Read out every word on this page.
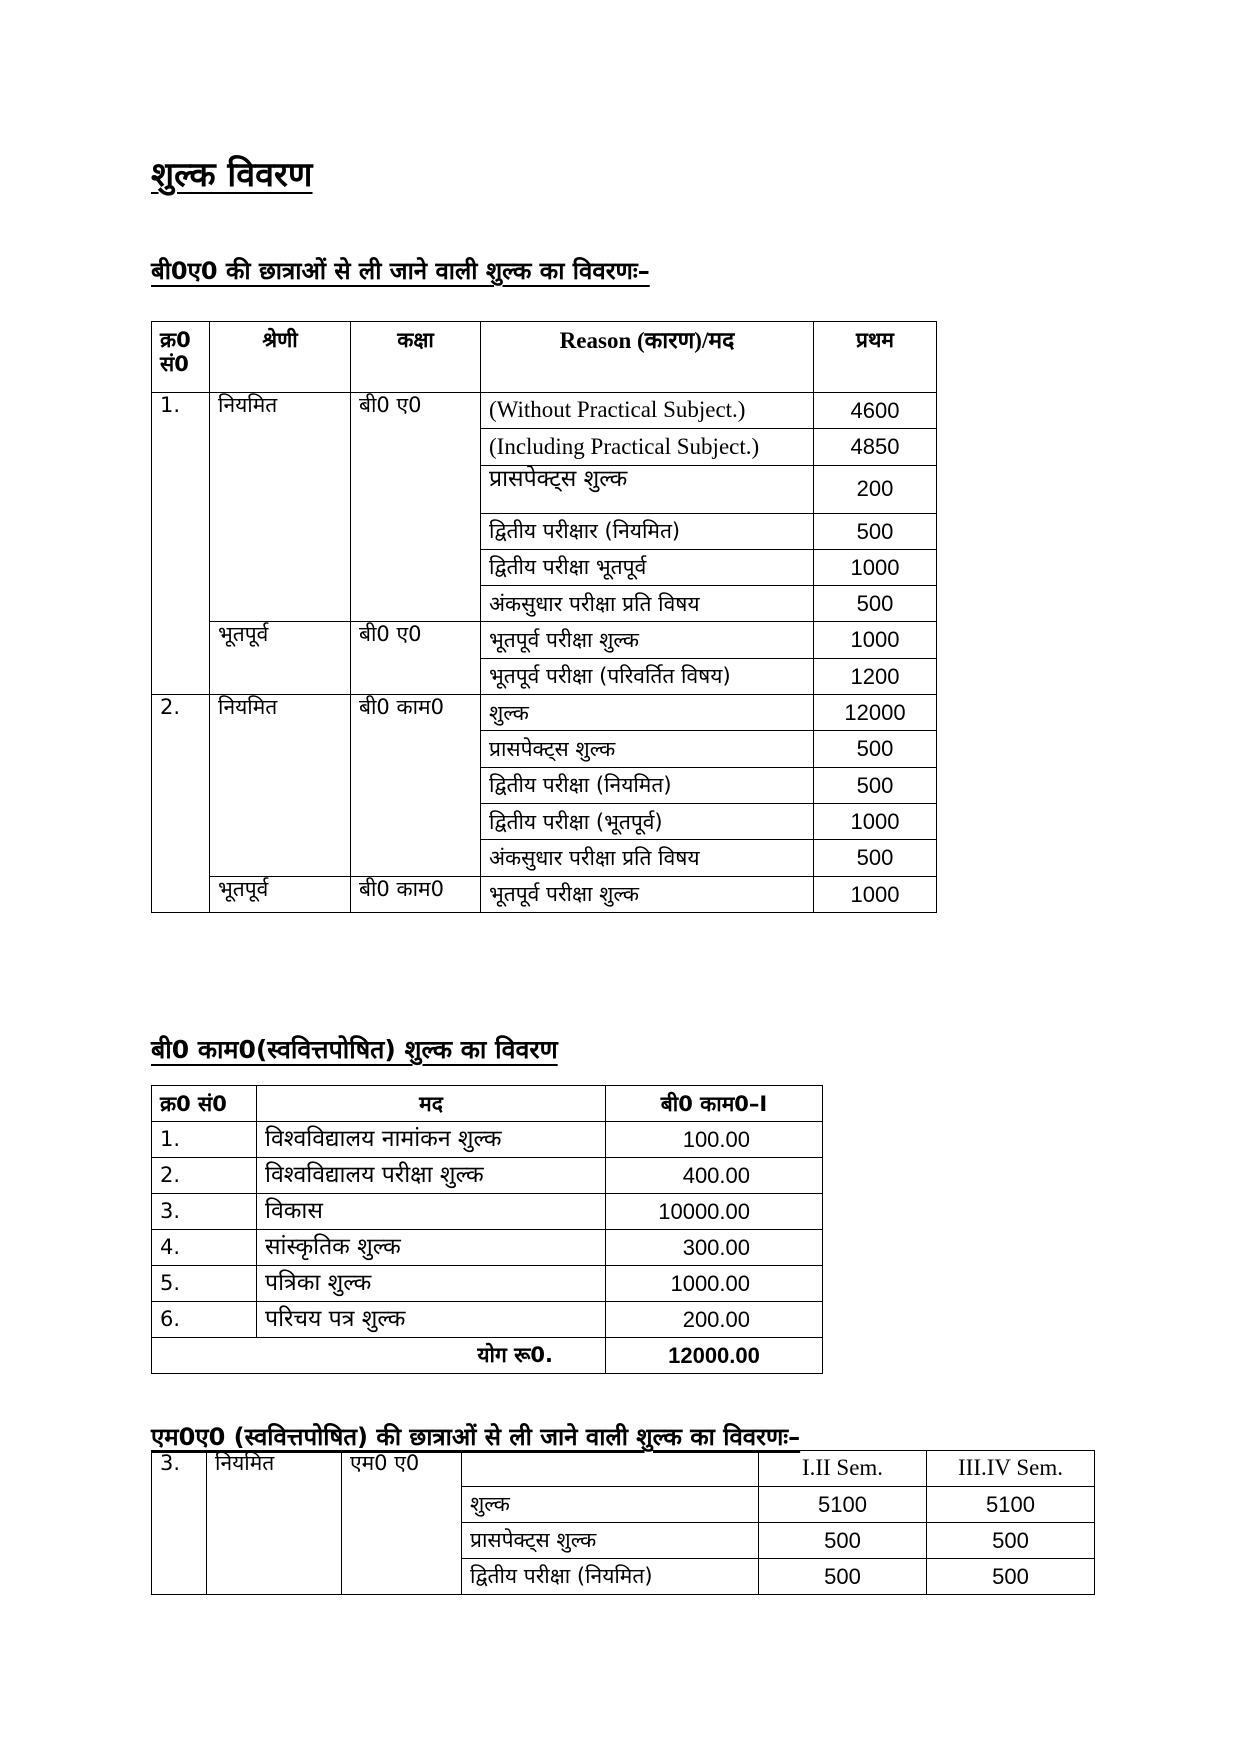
शुल्क विवरण
बी0ए0 की छात्राओं से ली जाने वाली शुल्क का विवरणः–
क्र0 सं0	श्रेणी	कक्षा	Reason (कारण)/मद	प्रथम
1.	नियमित	बी0 ए0	(Without Practical Subject.)	4600
			(Including Practical Subject.)	4850
			प्रासपेक्ट्स शुल्क	200
			द्वितीय परीक्षार (नियमित)	500
			द्वितीय परीक्षा भूतपूर्व	1000
			अंकसुधार परीक्षा प्रति विषय	500
	भूतपूर्व	बी0 ए0	भूतपूर्व परीक्षा शुल्क	1000
			भूतपूर्व परीक्षा (परिवर्तित विषय)	1200
2.	नियमित	बी0 काम0	शुल्क	12000
			प्रासपेक्ट्स शुल्क	500
			द्वितीय परीक्षा (नियमित)	500
			द्वितीय परीक्षा (भूतपूर्व)	1000
			अंकसुधार परीक्षा प्रति विषय	500
	भूतपूर्व	बी0 काम0	भूतपूर्व परीक्षा शुल्क	1000
बी0 काम0(स्ववित्तपोषित) शुल्क का विवरण
क्र0 सं0	मद	बी0 काम0–I
1.	विश्वविद्यालय नामांकन शुल्क	100.00
2.	विश्वविद्यालय परीक्षा शुल्क	400.00
3.	विकास	10000.00
4.	सांस्कृतिक शुल्क	300.00
5.	पत्रिका शुल्क	1000.00
6.	परिचय पत्र शुल्क	200.00
योग रू0.		12000.00
एम0ए0 (स्ववित्तपोषित) की छात्राओं से ली जाने वाली शुल्क का विवरणः–
3.	नियमित	एम0 ए0		I.II Sem.	III.IV Sem.
			शुल्क	5100	5100
			प्रासपेक्ट्स शुल्क	500	500
			द्वितीय परीक्षा (नियमित)	500	500
